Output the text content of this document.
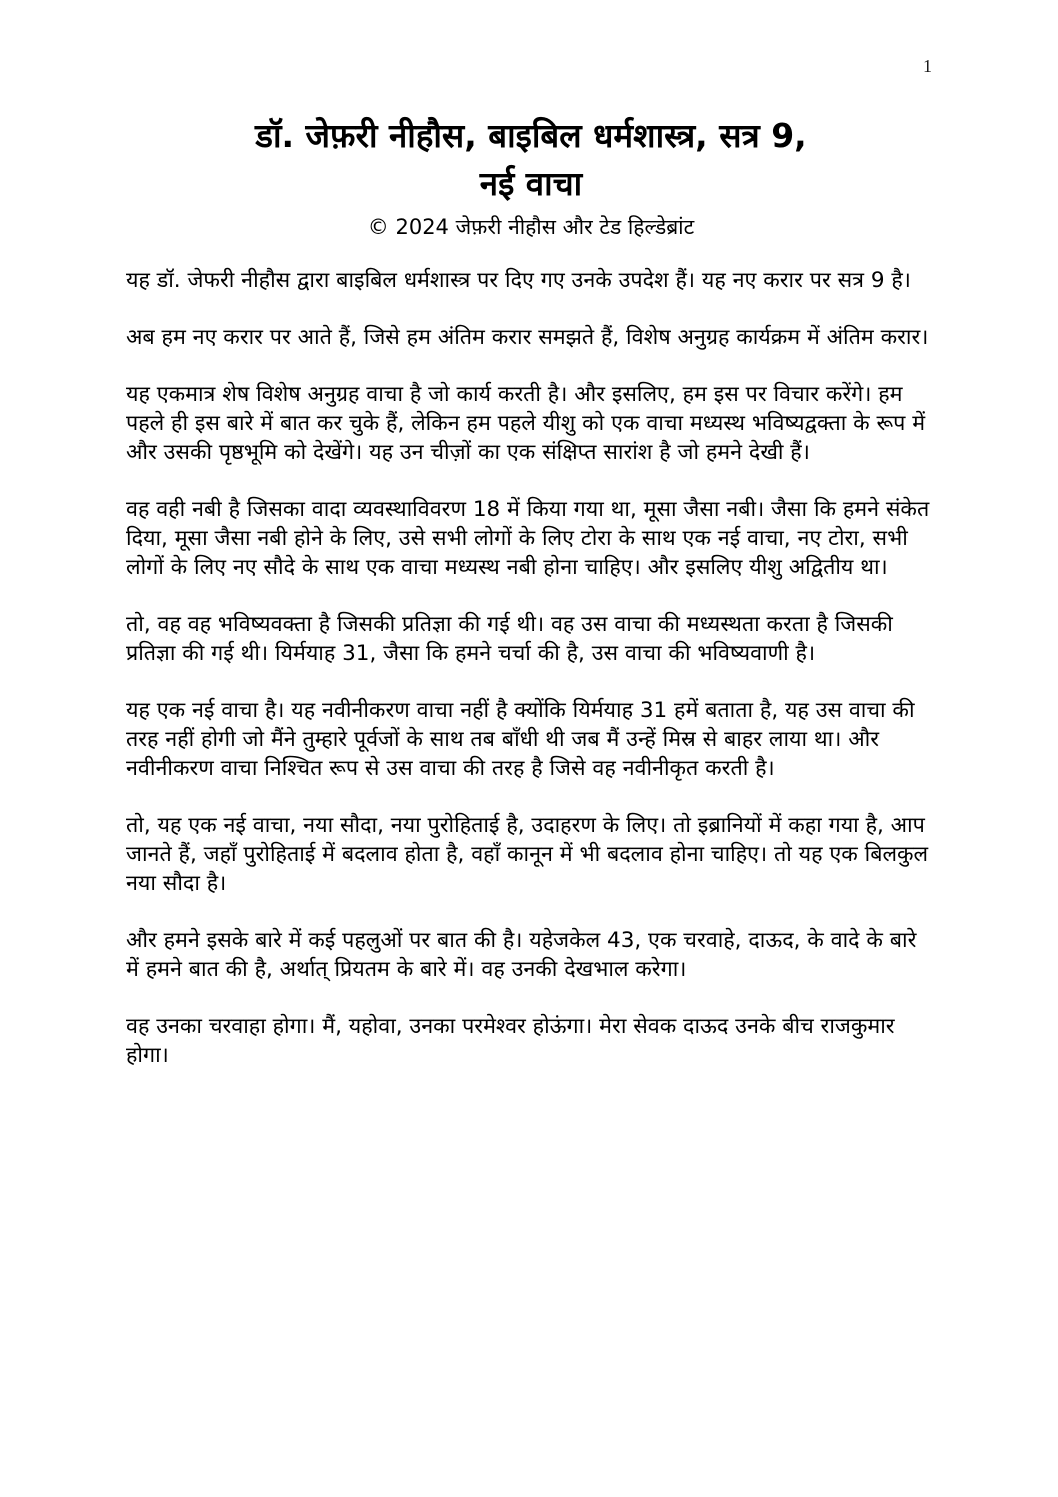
1
डॉ. जेफ़री नीहौस, बाइबिल धर्मशास्त्र, सत्र 9,
नई वाचा
© 2024 जेफ़री नीहौस और टेड हिल्डेब्रांट

यह डॉ. जेफरी नीहौस द्वारा बाइबिल धर्मशास्त्र पर दिए गए उनके उपदेश हैं। यह नए करार पर सत्र 9 है।

अब हम नए करार पर आते हैं, जिसे हम अंतिम करार समझते हैं, विशेष अनुग्रह कार्यक्रम में अंतिम करार।

यह एकमात्र शेष विशेष अनुग्रह वाचा है जो कार्य करती है। और इसलिए, हम इस पर विचार करेंगे। हम पहले ही इस बारे में बात कर चुके हैं, लेकिन हम पहले यीशु को एक वाचा मध्यस्थ भविष्यद्वक्ता के रूप में और उसकी पृष्ठभूमि को देखेंगे। यह उन चीज़ों का एक संक्षिप्त सारांश है जो हमने देखी हैं।

वह वही नबी है जिसका वादा व्यवस्थाविवरण 18 में किया गया था, मूसा जैसा नबी। जैसा कि हमने संकेत दिया, मूसा जैसा नबी होने के लिए, उसे सभी लोगों के लिए टोरा के साथ एक नई वाचा, नए टोरा, सभी लोगों के लिए नए सौदे के साथ एक वाचा मध्यस्थ नबी होना चाहिए। और इसलिए यीशु अद्वितीय था।

तो, वह वह भविष्यवक्ता है जिसकी प्रतिज्ञा की गई थी। वह उस वाचा की मध्यस्थता करता है जिसकी प्रतिज्ञा की गई थी। यिर्मयाह 31, जैसा कि हमने चर्चा की है, उस वाचा की भविष्यवाणी है।

यह एक नई वाचा है। यह नवीनीकरण वाचा नहीं है क्योंकि यिर्मयाह 31 हमें बताता है, यह उस वाचा की तरह नहीं होगी जो मैंने तुम्हारे पूर्वजों के साथ तब बाँधी थी जब मैं उन्हें मिस्र से बाहर लाया था। और नवीनीकरण वाचा निश्चित रूप से उस वाचा की तरह है जिसे वह नवीनीकृत करती है।

तो, यह एक नई वाचा, नया सौदा, नया पुरोहिताई है, उदाहरण के लिए। तो इब्रानियों में कहा गया है, आप जानते हैं, जहाँ पुरोहिताई में बदलाव होता है, वहाँ कानून में भी बदलाव होना चाहिए। तो यह एक बिलकुल नया सौदा है।

और हमने इसके बारे में कई पहलुओं पर बात की है। यहेजकेल 43, एक चरवाहे, दाऊद, के वादे के बारे में हमने बात की है, अर्थात् प्रियतम के बारे में। वह उनकी देखभाल करेगा।

वह उनका चरवाहा होगा। मैं, यहोवा, उनका परमेश्वर होऊंगा। मेरा सेवक दाऊद उनके बीच राजकुमार होगा।
